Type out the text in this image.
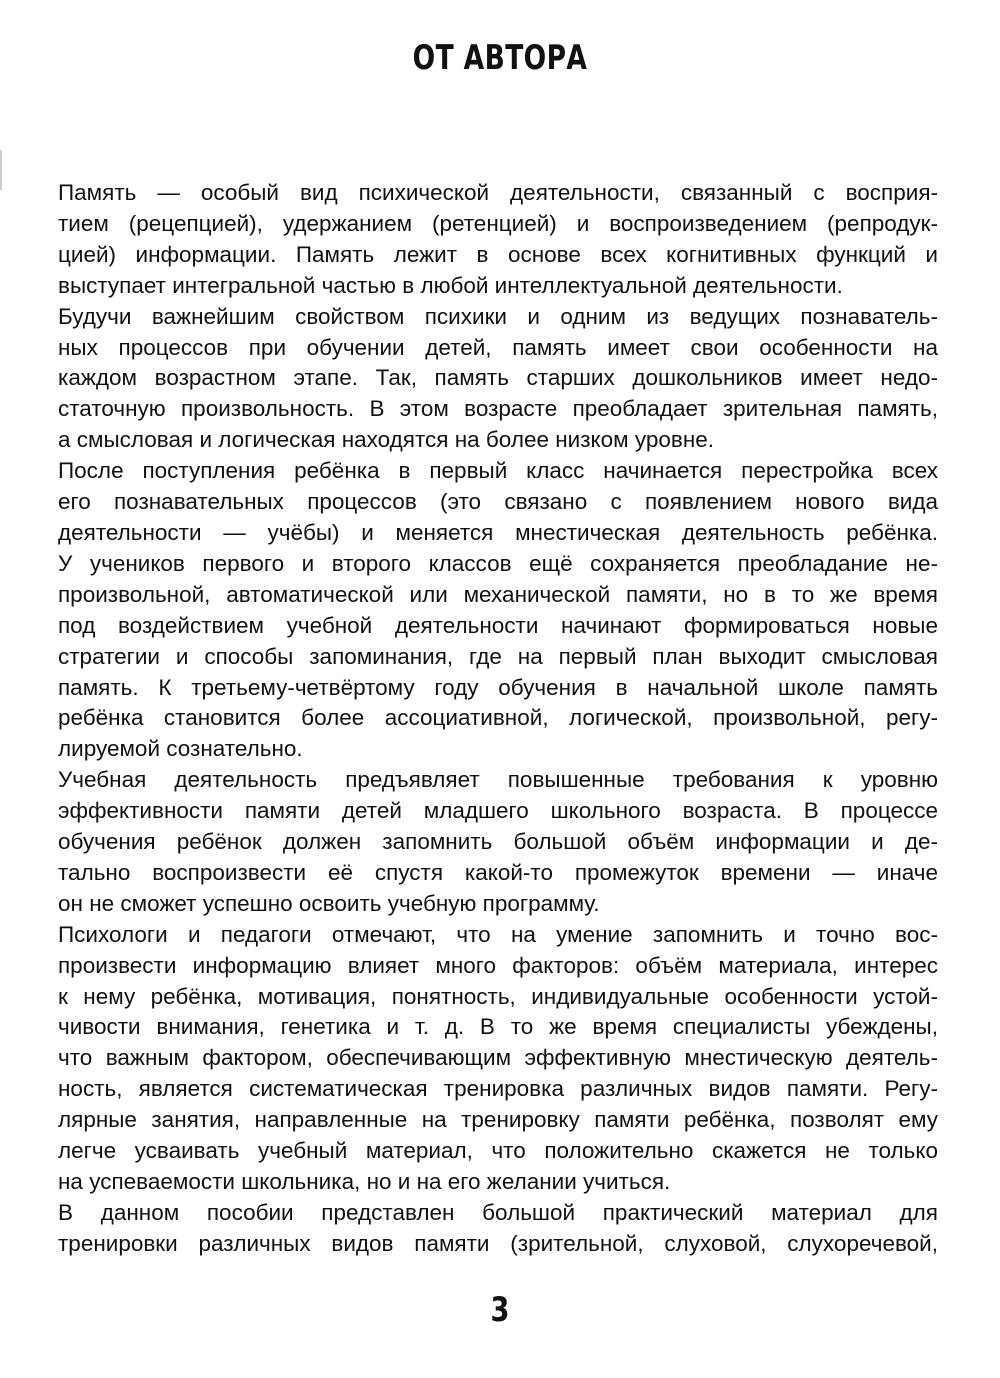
ОТ АВТОРА
Память — особый вид психической деятельности, связанный с восприя-
тием (рецепцией), удержанием (ретенцией) и воспроизведением (репродук-
цией) информации. Память лежит в основе всех когнитивных функций и
выступает интегральной частью в любой интеллектуальной деятельности.
Будучи важнейшим свойством психики и одним из ведущих познаватель-
ных процессов при обучении детей, память имеет свои особенности на
каждом возрастном этапе. Так, память старших дошкольников имеет недо-
статочную произвольность. В этом возрасте преобладает зрительная память,
а смысловая и логическая находятся на более низком уровне.
После поступления ребёнка в первый класс начинается перестройка всех
его познавательных процессов (это связано с появлением нового вида
деятельности — учёбы) и меняется мнестическая деятельность ребёнка.
У учеников первого и второго классов ещё сохраняется преобладание не-
произвольной, автоматической или механической памяти, но в то же время
под воздействием учебной деятельности начинают формироваться новые
стратегии и способы запоминания, где на первый план выходит смысловая
память. К третьему-четвёртому году обучения в начальной школе память
ребёнка становится более ассоциативной, логической, произвольной, регу-
лируемой сознательно.
Учебная деятельность предъявляет повышенные требования к уровню
эффективности памяти детей младшего школьного возраста. В процессе
обучения ребёнок должен запомнить большой объём информации и де-
тально воспроизвести её спустя какой-то промежуток времени — иначе
он не сможет успешно освоить учебную программу.
Психологи и педагоги отмечают, что на умение запомнить и точно вос-
произвести информацию влияет много факторов: объём материала, интерес
к нему ребёнка, мотивация, понятность, индивидуальные особенности устой-
чивости внимания, генетика и т. д. В то же время специалисты убеждены,
что важным фактором, обеспечивающим эффективную мнестическую деятель-
ность, является систематическая тренировка различных видов памяти. Регу-
лярные занятия, направленные на тренировку памяти ребёнка, позволят ему
легче усваивать учебный материал, что положительно скажется не только
на успеваемости школьника, но и на его желании учиться.
В данном пособии представлен большой практический материал для
тренировки различных видов памяти (зрительной, слуховой, слухоречевой,
3
